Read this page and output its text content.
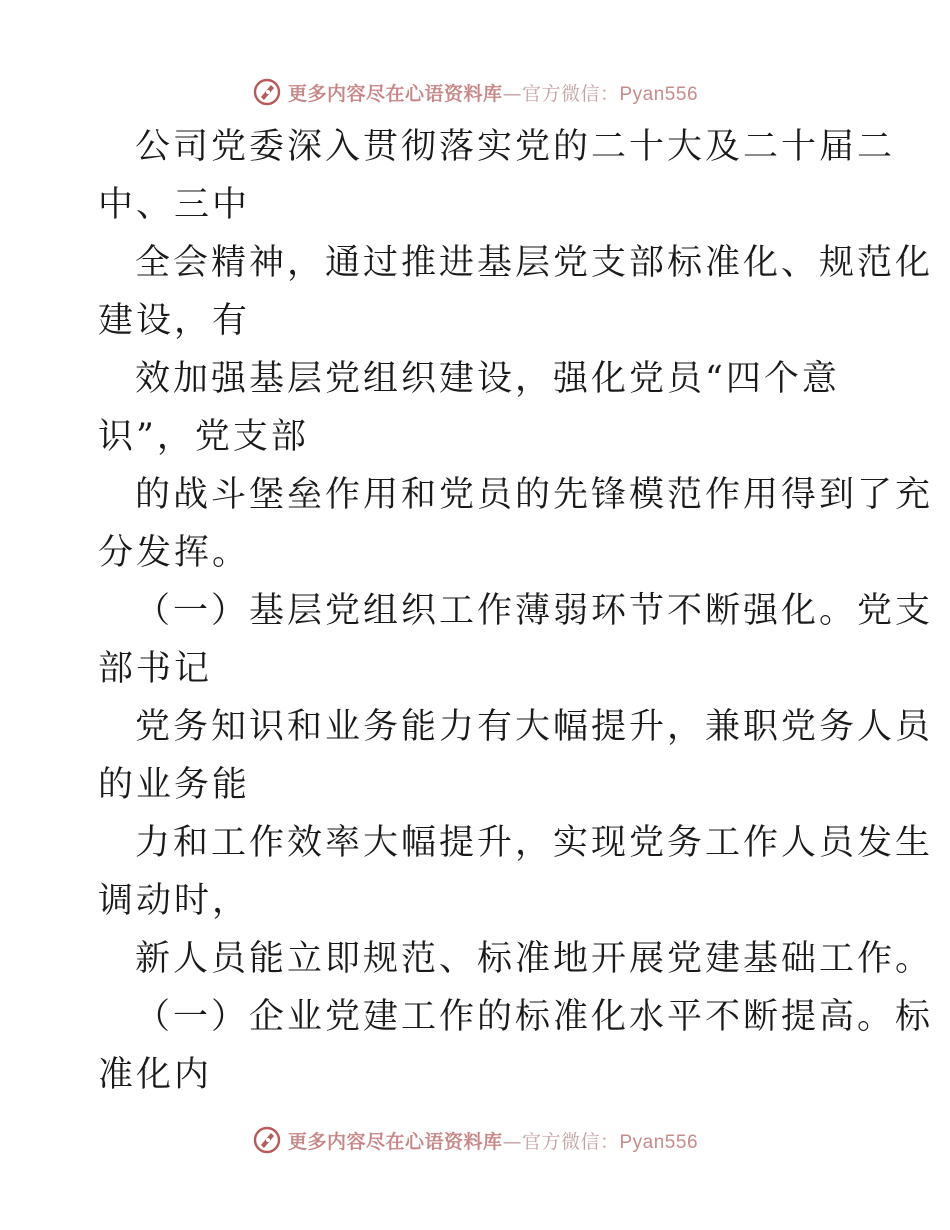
更多内容尽在心语资料库—官方微信：Pyan556
公司党委深入贯彻落实党的二十大及二十届二
中、三中
全会精神，通过推进基层党支部标准化、规范化
建设，有
效加强基层党组织建设，强化党员“四个意
识”，党支部
的战斗堡垒作用和党员的先锋模范作用得到了充
分发挥。
（一）基层党组织工作薄弱环节不断强化。党支
部书记
党务知识和业务能力有大幅提升，兼职党务人员
的业务能
力和工作效率大幅提升，实现党务工作人员发生
调动时，
新人员能立即规范、标准地开展党建基础工作。
（一）企业党建工作的标准化水平不断提高。标
准化内
更多内容尽在心语资料库—官方微信：Pyan556
